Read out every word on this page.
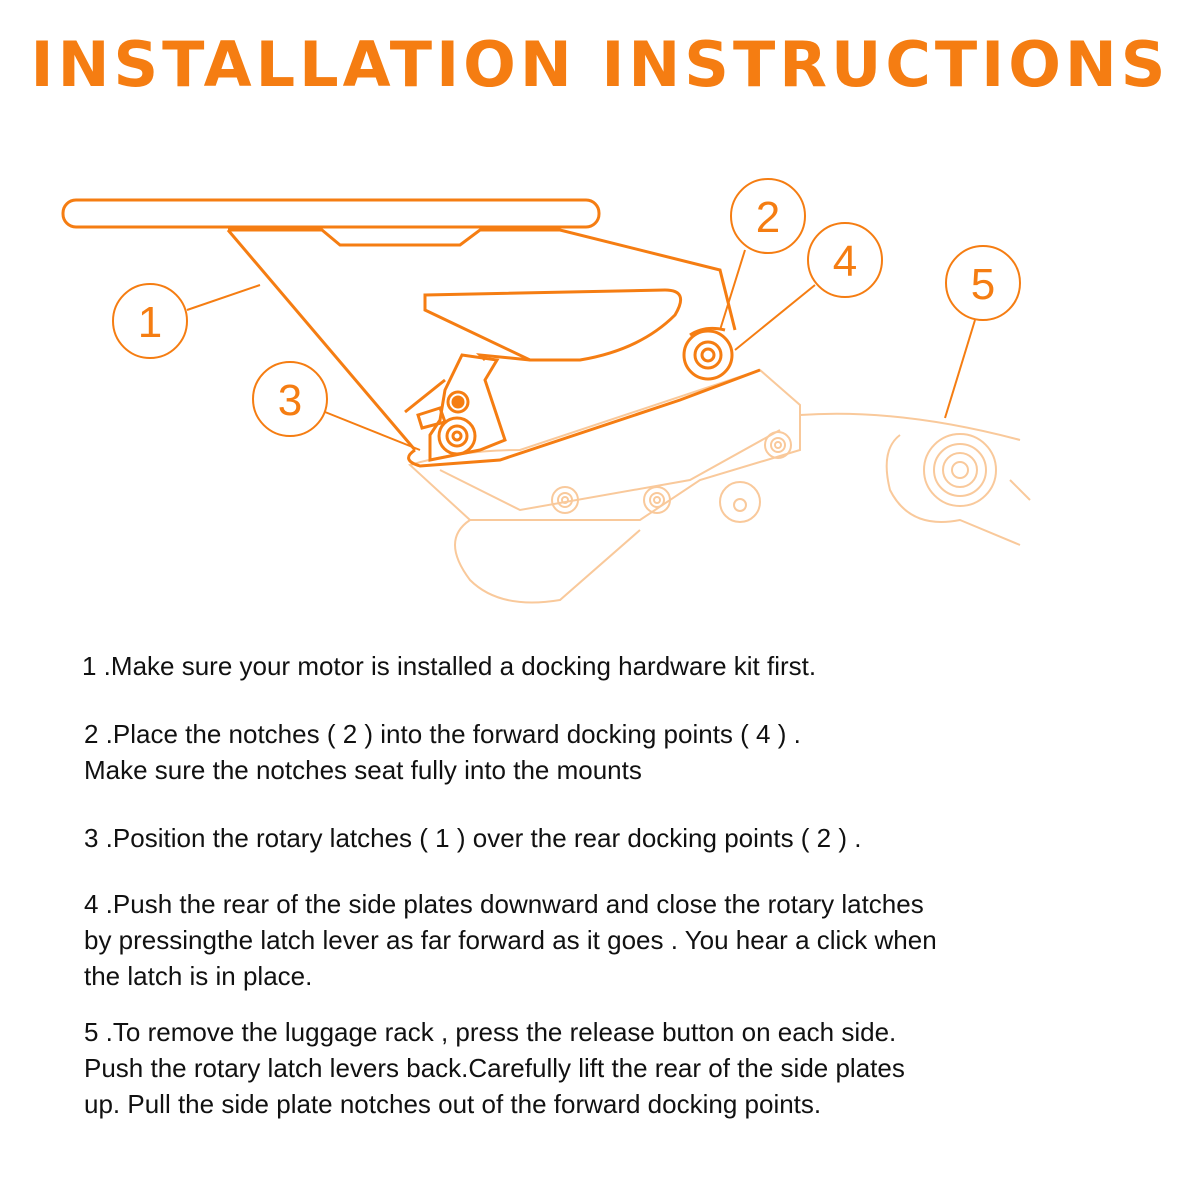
INSTALLATION INSTRUCTIONS
1
2
3
4	5
1 .Make sure your motor is installed a docking hardware kit first.
2 .Place the notches ( 2 ) into the forward docking points ( 4 ) .
Make sure the notches seat fully into the mounts
3 .Position the rotary latches ( 1 ) over the rear docking points ( 2 ) .
4 .Push the rear of the side plates downward and close the rotary latches
by pressingthe latch lever as far forward as it goes . You hear a click when
the latch is in place.
5 .To remove the luggage rack , press the release button on each side.
Push the rotary latch levers back.Carefully lift the rear of the side plates
up. Pull the side plate notches out of the forward docking points.
